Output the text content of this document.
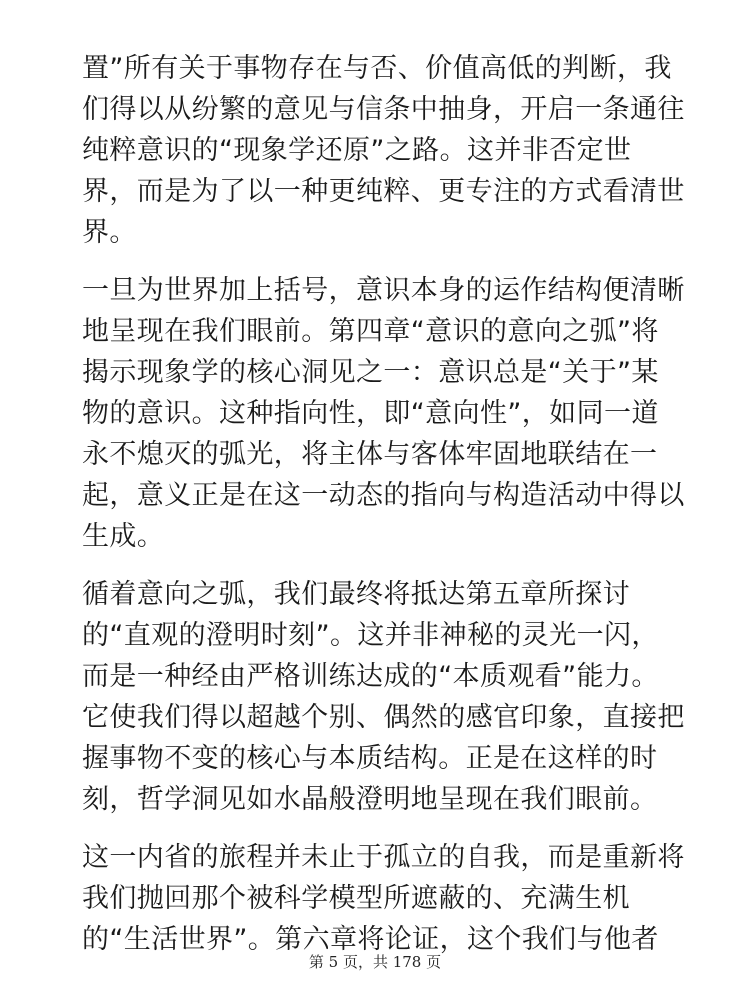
置”所有关于事物存在与否、价值高低的判断，我
们得以从纷繁的意见与信条中抽身，开启一条通往
纯粹意识的“现象学还原”之路。这并非否定世
界，而是为了以一种更纯粹、更专注的方式看清世
界。
一旦为世界加上括号，意识本身的运作结构便清晰
地呈现在我们眼前。第四章“意识的意向之弧”将
揭示现象学的核心洞见之一：意识总是“关于”某
物的意识。这种指向性，即“意向性”，如同一道
永不熄灭的弧光，将主体与客体牢固地联结在一
起，意义正是在这一动态的指向与构造活动中得以
生成。
循着意向之弧，我们最终将抵达第五章所探讨
的“直观的澄明时刻”。这并非神秘的灵光一闪，
而是一种经由严格训练达成的“本质观看”能力。
它使我们得以超越个别、偶然的感官印象，直接把
握事物不变的核心与本质结构。正是在这样的时
刻，哲学洞见如水晶般澄明地呈现在我们眼前。
这一内省的旅程并未止于孤立的自我，而是重新将
我们抛回那个被科学模型所遮蔽的、充满生机
的“生活世界”。第六章将论证，这个我们与他者
第 5 页，共 178 页
